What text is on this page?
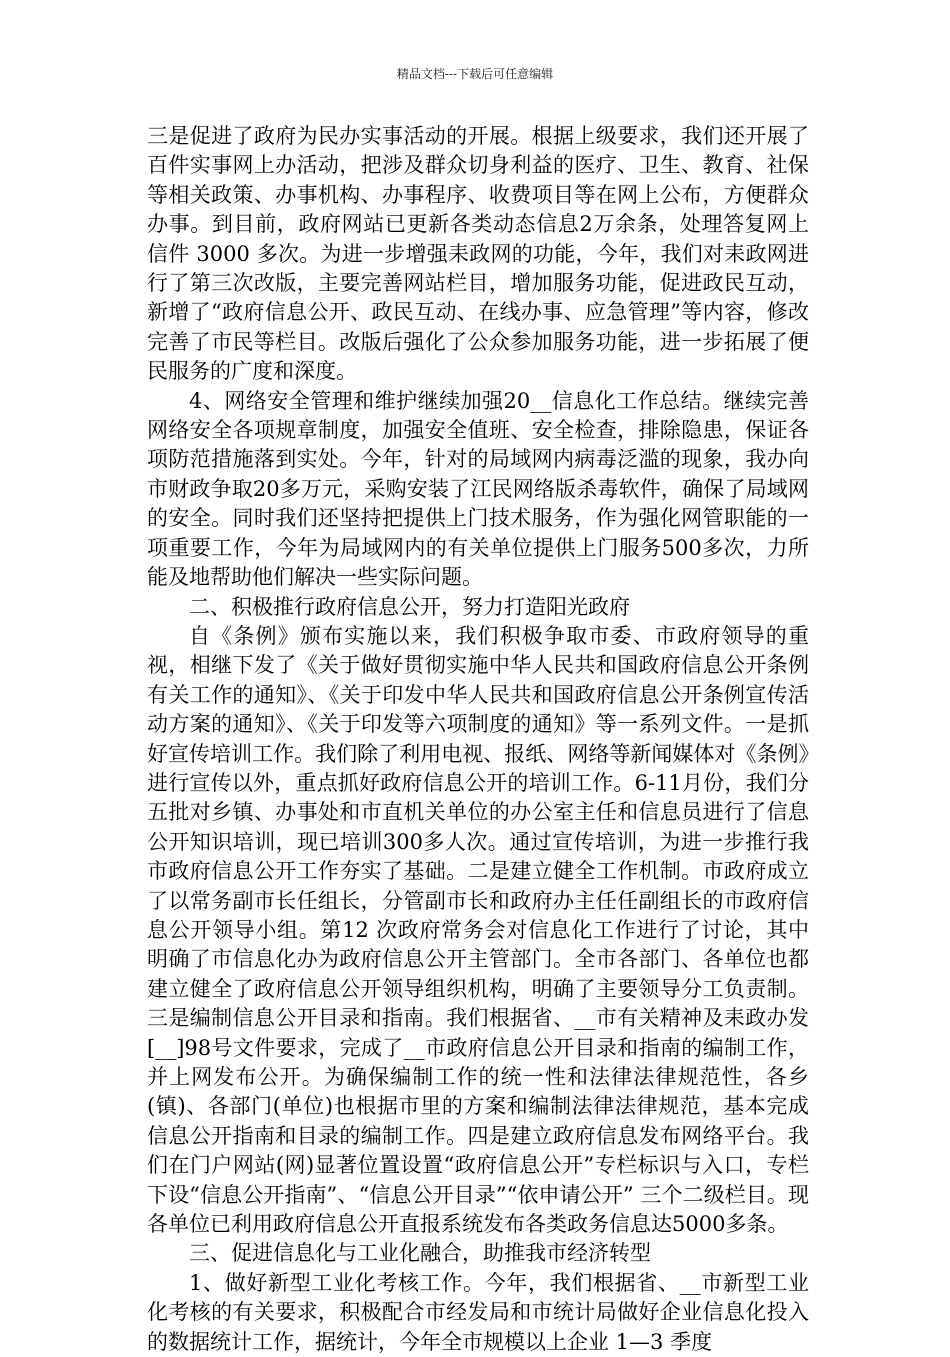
精品文档---下载后可任意编辑

三是促进了政府为民办实事活动的开展。根据上级要求，我们还开展了百件实事网上办活动，把涉及群众切身利益的医疗、卫生、教育、社保等相关政策、办事机构、办事程序、收费项目等在网上公布，方便群众办事。到目前，政府网站已更新各类动态信息2万余条，处理答复网上信件 3000 多次。为进一步增强耒政网的功能，今年，我们对耒政网进行了第三次改版，主要完善网站栏目，增加服务功能，促进政民互动，新增了“政府信息公开、政民互动、在线办事、应急管理”等内容，修改完善了市民等栏目。改版后强化了公众参加服务功能，进一步拓展了便民服务的广度和深度。

4、网络安全管理和维护继续加强20__信息化工作总结。继续完善网络安全各项规章制度，加强安全值班、安全检查，排除隐患，保证各项防范措施落到实处。今年，针对的局域网内病毒泛滥的现象，我办向市财政争取20多万元，采购安装了江民网络版杀毒软件，确保了局域网的安全。同时我们还坚持把提供上门技术服务，作为强化网管职能的一项重要工作，今年为局域网内的有关单位提供上门服务500多次，力所能及地帮助他们解决一些实际问题。

二、积极推行政府信息公开，努力打造阳光政府

自《条例》颁布实施以来，我们积极争取市委、市政府领导的重视，相继下发了《关于做好贯彻实施中华人民共和国政府信息公开条例有关工作的通知》、《关于印发中华人民共和国政府信息公开条例宣传活动方案的通知》、《关于印发等六项制度的通知》等一系列文件。一是抓好宣传培训工作。我们除了利用电视、报纸、网络等新闻媒体对《条例》进行宣传以外，重点抓好政府信息公开的培训工作。6-11月份，我们分五批对乡镇、办事处和市直机关单位的办公室主任和信息员进行了信息公开知识培训，现已培训300多人次。通过宣传培训，为进一步推行我市政府信息公开工作夯实了基础。二是建立健全工作机制。市政府成立了以常务副市长任组长，分管副市长和政府办主任任副组长的市政府信息公开领导小组。第12 次政府常务会对信息化工作进行了讨论，其中明确了市信息化办为政府信息公开主管部门。全市各部门、各单位也都建立健全了政府信息公开领导组织机构，明确了主要领导分工负责制。三是编制信息公开目录和指南。我们根据省、__市有关精神及耒政办发[__]98号文件要求，完成了__市政府信息公开目录和指南的编制工作，并上网发布公开。为确保编制工作的统一性和法律法律规范性，各乡(镇)、各部门(单位)也根据市里的方案和编制法律法律规范，基本完成信息公开指南和目录的编制工作。四是建立政府信息发布网络平台。我们在门户网站(网)显著位置设置“政府信息公开”专栏标识与入口，专栏下设“信息公开指南”、“信息公开目录”“依申请公开” 三个二级栏目。现各单位已利用政府信息公开直报系统发布各类政务信息达5000多条。

三、促进信息化与工业化融合，助推我市经济转型

1、做好新型工业化考核工作。今年，我们根据省、__市新型工业化考核的有关要求，积极配合市经发局和市统计局做好企业信息化投入的数据统计工作，据统计，今年全市规模以上企业 1—3 季度
